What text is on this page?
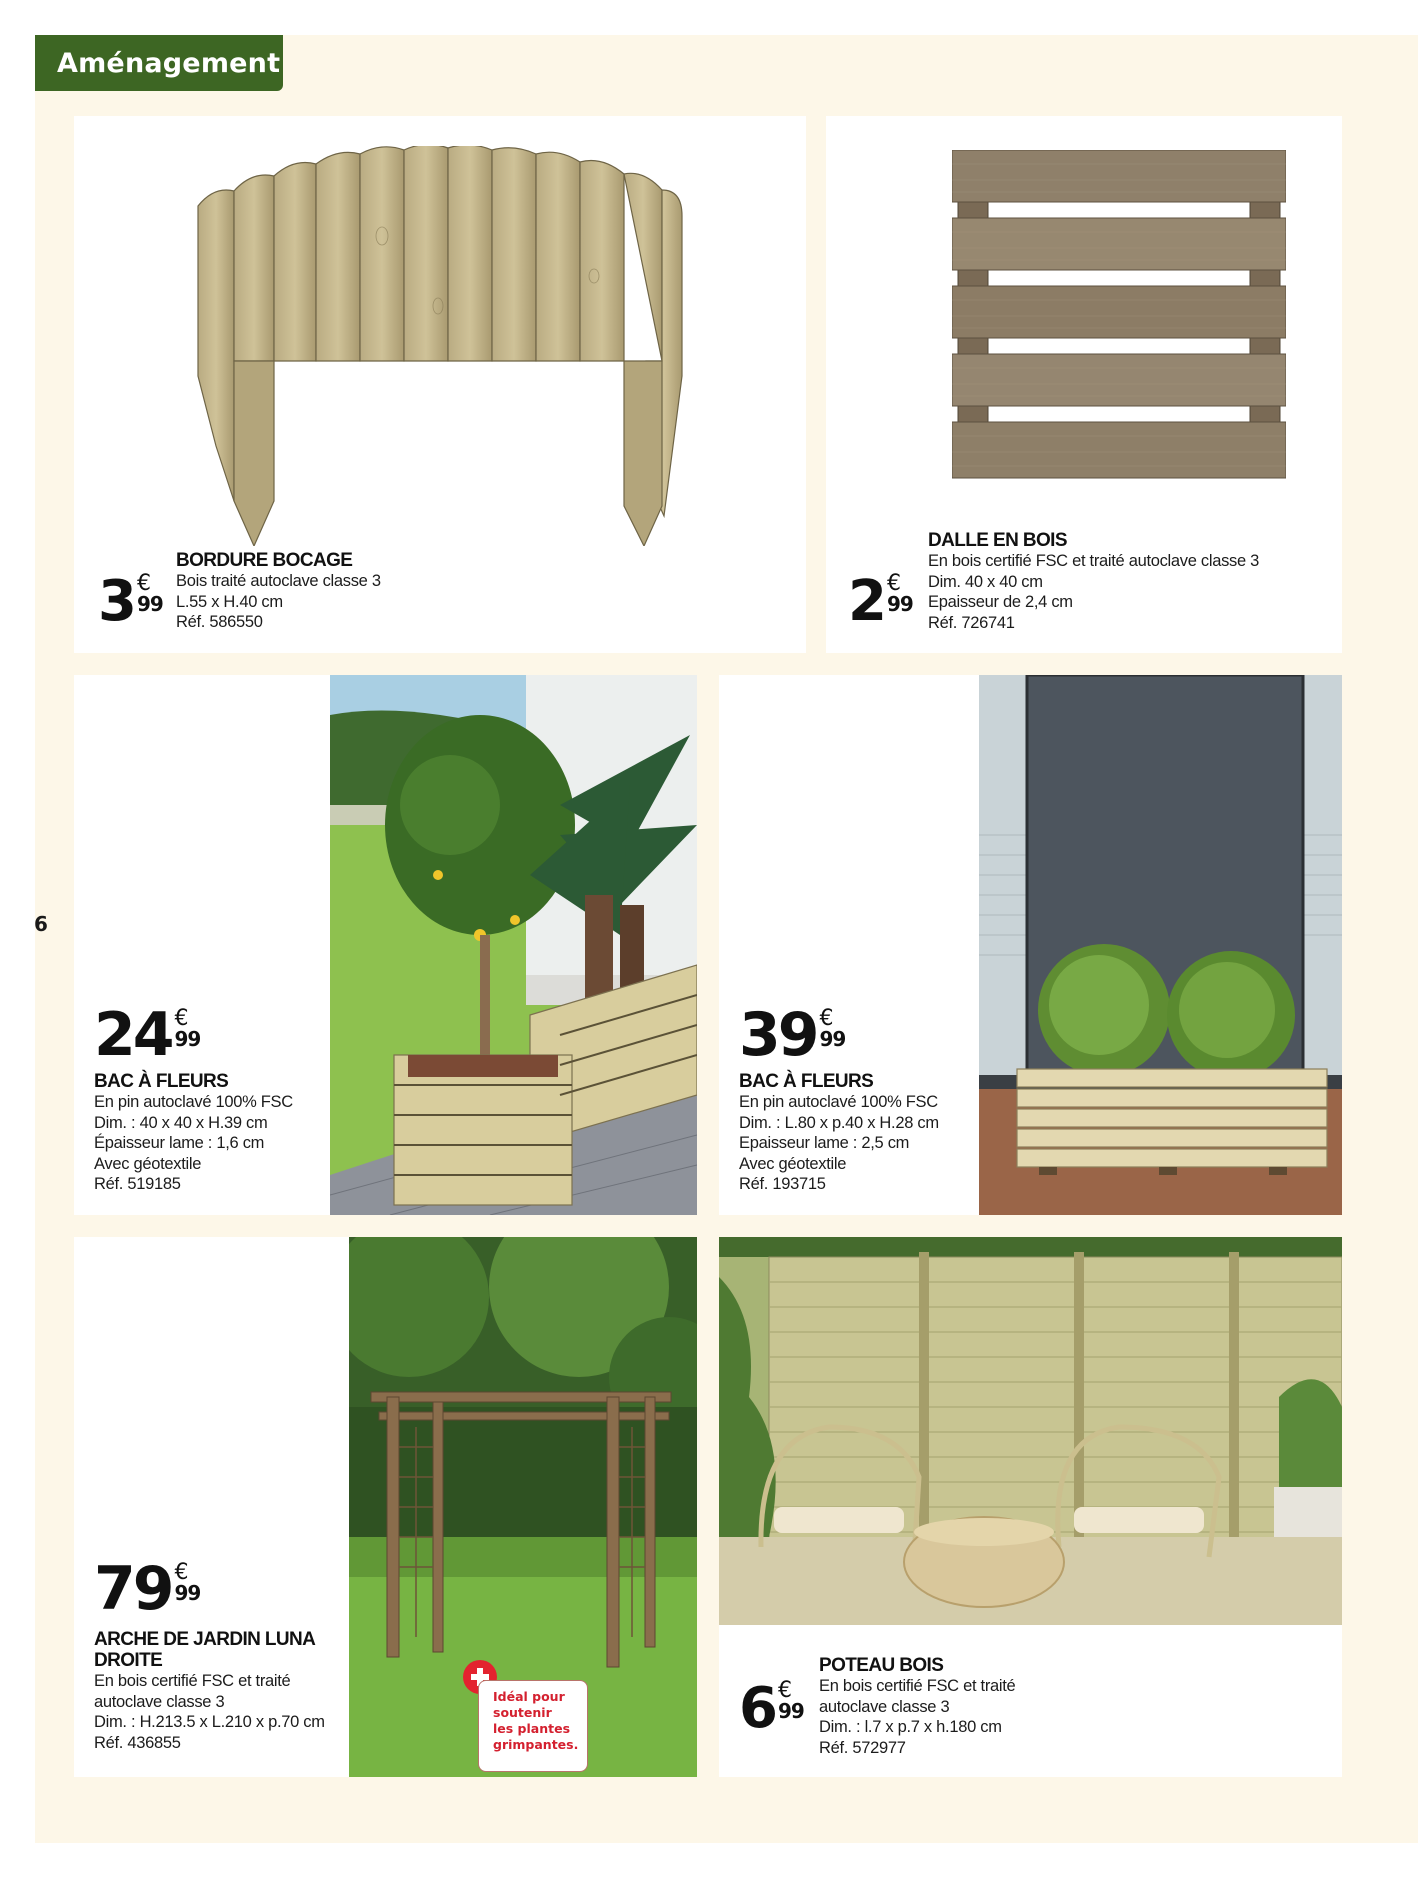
Aménagement
6
3 €
99
BORDURE BOCAGE
Bois traité autoclave classe 3
L.55 x H.40 cm
Réf. 586550	2 €
99
DALLE EN BOIS
En bois certifié FSC et traité autoclave classe 3
Dim. 40 x 40 cm
Epaisseur de 2,4 cm
Réf. 726741
24 €
99
BAC À FLEURS
En pin autoclavé 100% FSC
Dim. : 40 x 40 x H.39 cm
Épaisseur lame : 1,6 cm
Avec géotextile
Réf. 519185
39 €
99
BAC À FLEURS
En pin autoclavé 100% FSC
Dim. : L.80 x p.40 x H.28 cm
Epaisseur lame : 2,5 cm
Avec géotextile
Réf. 193715
79 €
99
ARCHE DE JARDIN LUNA
DROITE
En bois certifié FSC et traité
autoclave classe 3
Dim. : H.213.5 x L.210 x p.70 cm
Réf. 436855
Idéal pour
soutenir
les plantes
grimpantes.
6 €
99
POTEAU BOIS
En bois certifié FSC et traité
autoclave classe 3
Dim. : l.7 x p.7 x h.180 cm
Réf. 572977
